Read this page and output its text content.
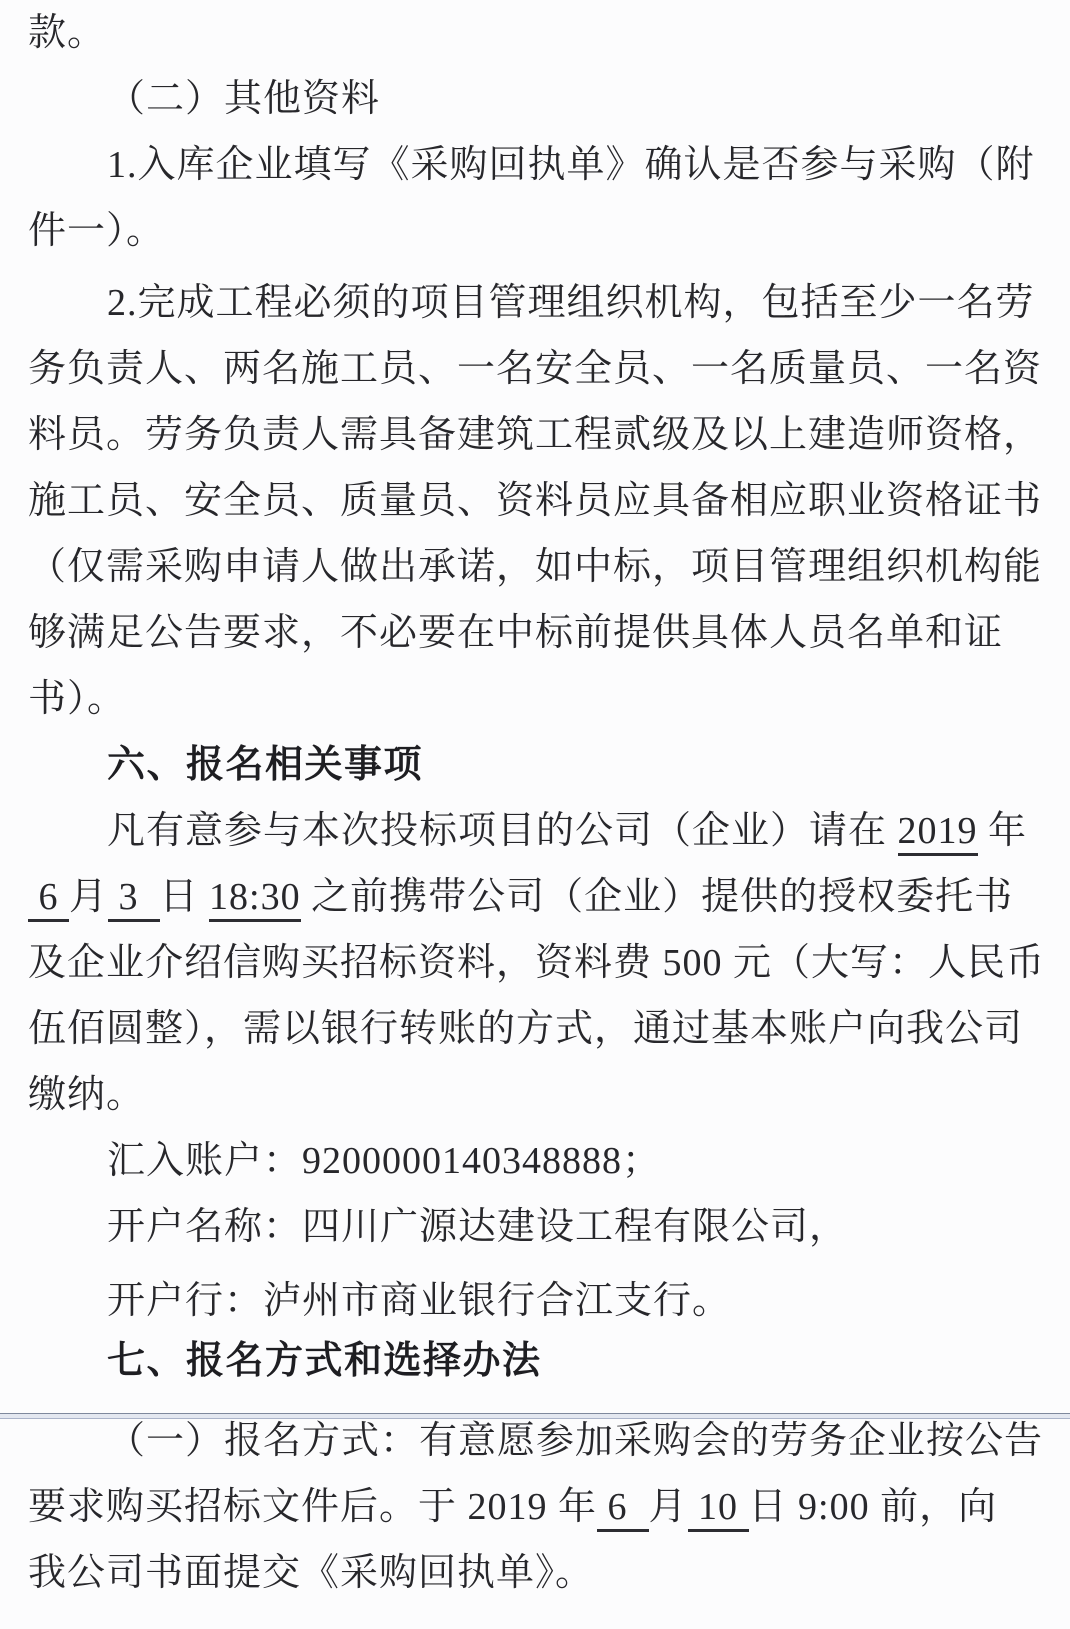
款。
（二）其他资料
1.入库企业填写《采购回执单》确认是否参与采购（附
件一）。
2.完成工程必须的项目管理组织机构，包括至少一名劳
务负责人、两名施工员、一名安全员、一名质量员、一名资
料员。劳务负责人需具备建筑工程贰级及以上建造师资格，
施工员、安全员、质量员、资料员应具备相应职业资格证书
（仅需采购申请人做出承诺，如中标，项目管理组织机构能
够满足公告要求，不必要在中标前提供具体人员名单和证
书）。
六、报名相关事项
凡有意参与本次投标项目的公司（企业）请在 2019 年
6 月 3  日 18:30 之前携带公司（企业）提供的授权委托书
及企业介绍信购买招标资料，资料费 500 元（大写：人民币
伍佰圆整），需以银行转账的方式，通过基本账户向我公司
缴纳。
汇入账户：9200000140348888；
开户名称：四川广源达建设工程有限公司，
开户行：泸州市商业银行合江支行。
七、报名方式和选择办法
（一）报名方式：有意愿参加采购会的劳务企业按公告
要求购买招标文件后。于 2019 年 6  月 10 日 9:00 前，向
我公司书面提交《采购回执单》。
